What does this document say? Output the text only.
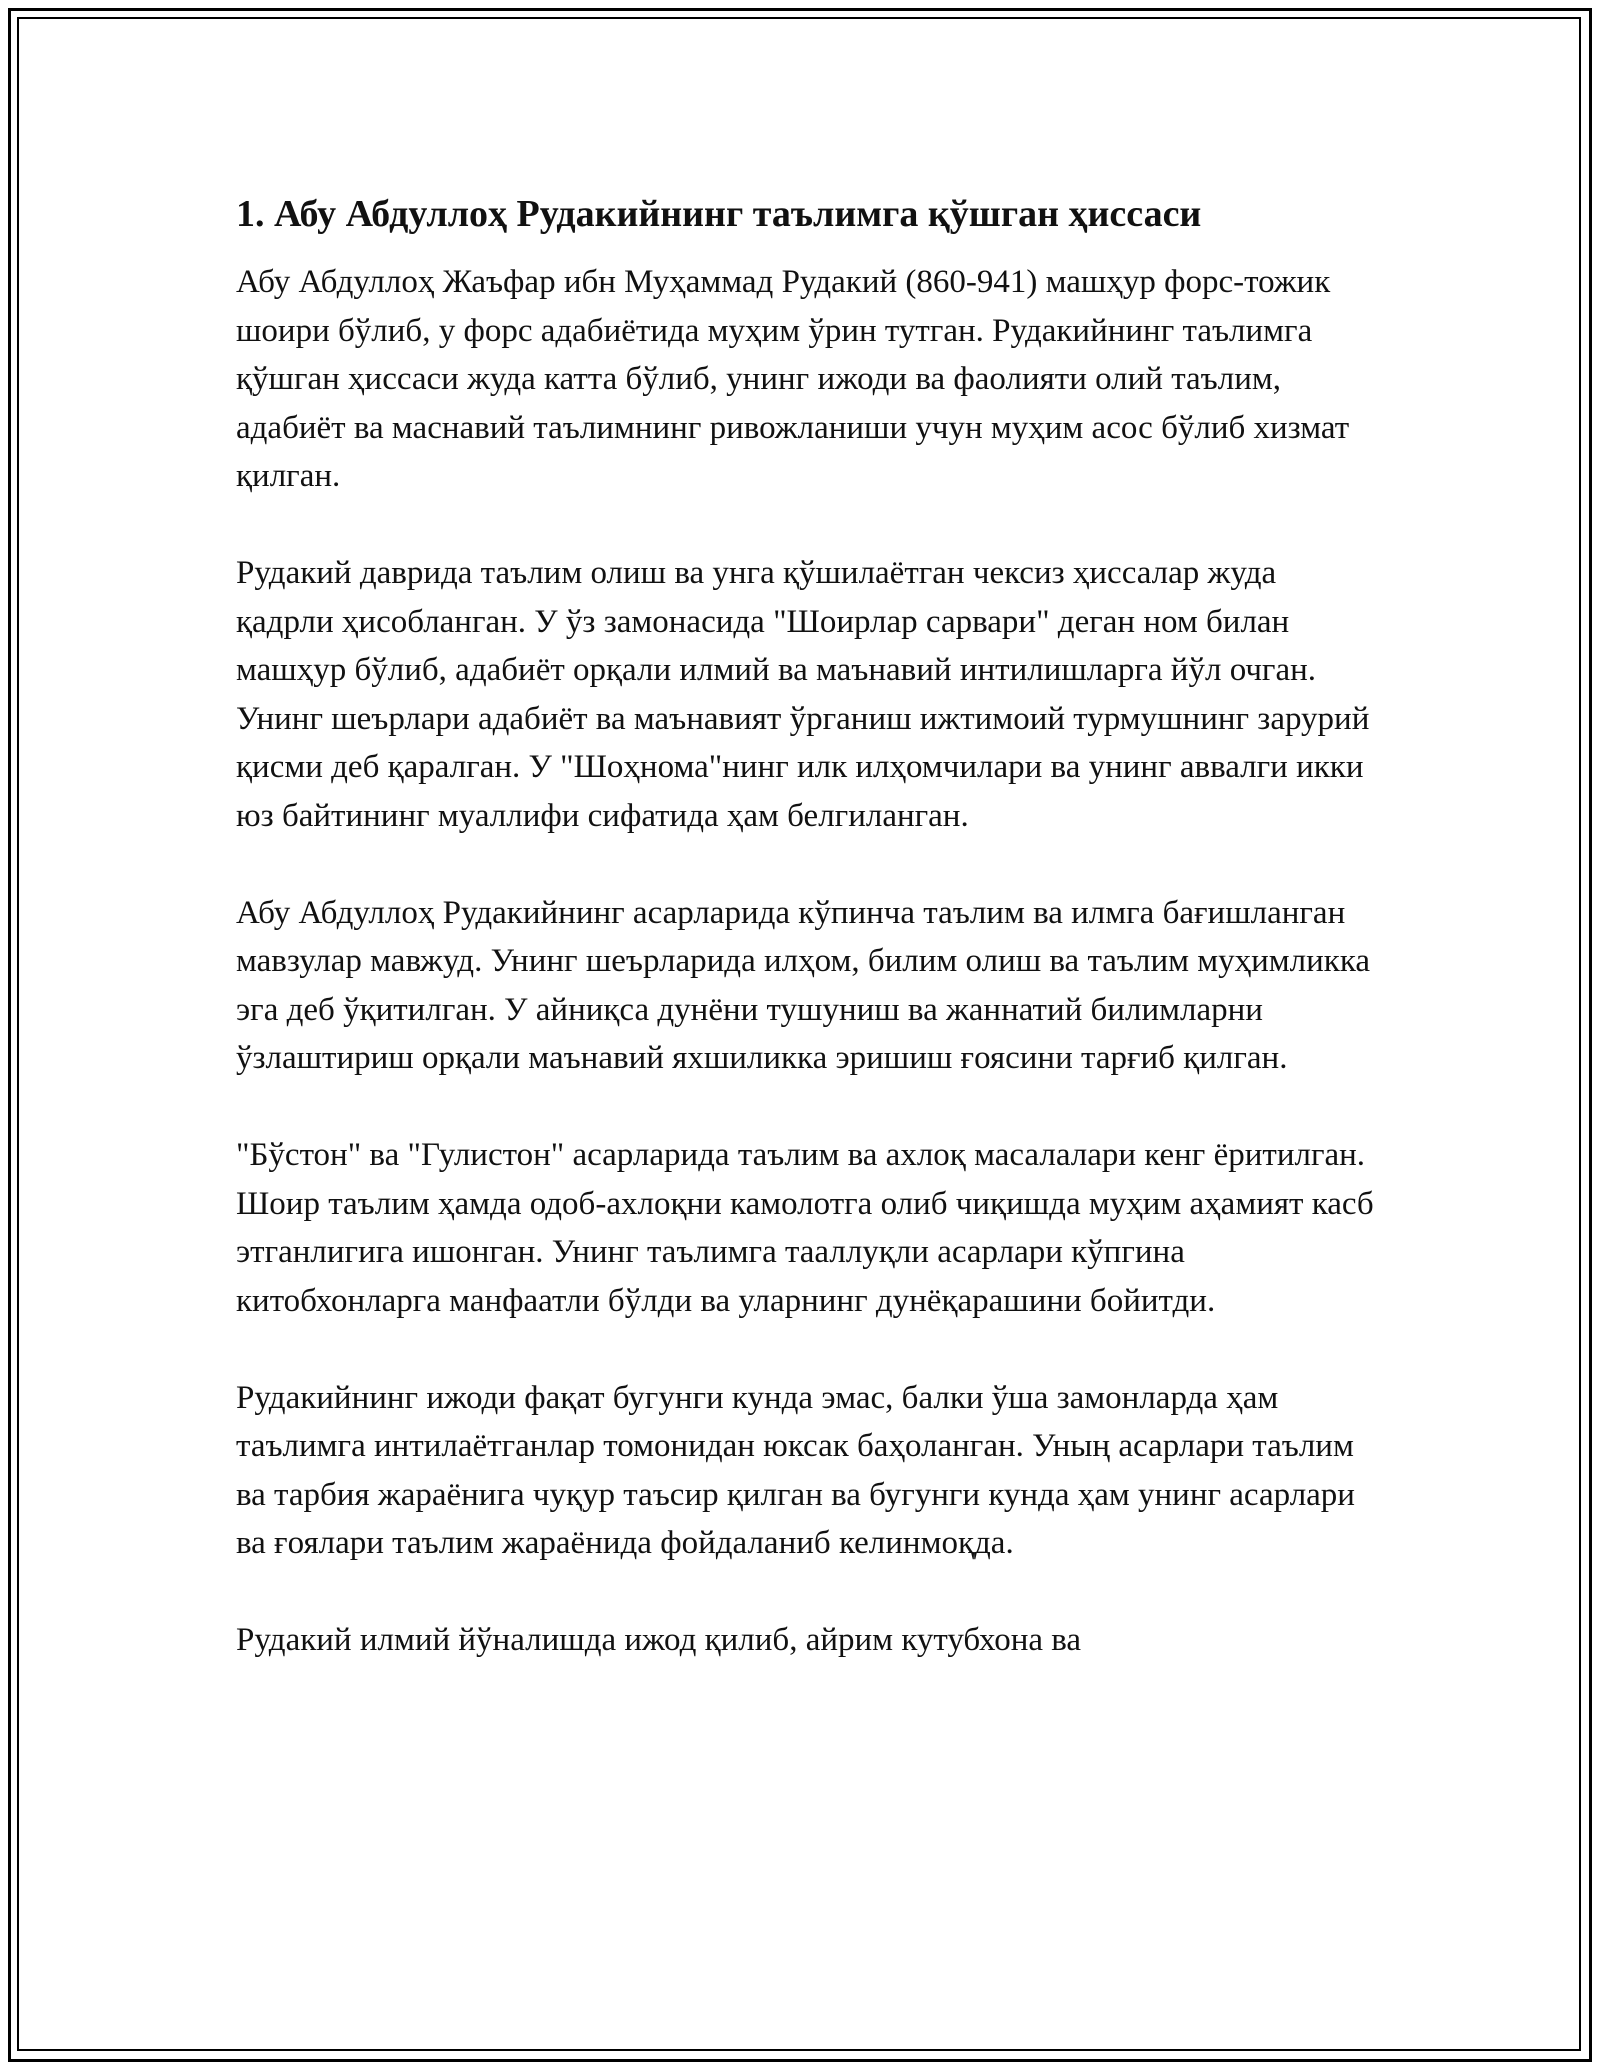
1. Абу Абдуллоҳ Рудакийнинг таълимга қўшган ҳиссаси

Абу Абдуллоҳ Жаъфар ибн Муҳаммад Рудакий (860-941) машҳур форс-тожик шоири бўлиб, у форс адабиётида муҳим ўрин тутган. Рудакийнинг таълимга қўшган ҳиссаси жуда катта бўлиб, унинг ижоди ва фаолияти олий таълим, адабиёт ва маснавий таълимнинг ривожланиши учун муҳим асос бўлиб хизмат қилган.

Рудакий даврида таълим олиш ва унга қўшилаётган чексиз ҳиссалар жуда қадрли ҳисобланган. У ўз замонасида "Шоирлар сарвари" деган ном билан машҳур бўлиб, адабиёт орқали илмий ва маънавий интилишларга йўл очган. Унинг шеърлари адабиёт ва маънавият ўрганиш ижтимоий турмушнинг зарурий қисми деб қаралган. У "Шоҳнома"нинг илк илҳомчилари ва унинг аввалги икки юз байтининг муаллифи сифатида ҳам белгиланган.

Абу Абдуллоҳ Рудакийнинг асарларида кўпинча таълим ва илмга бағишланган мавзулар мавжуд. Унинг шеърларида илҳом, билим олиш ва таълим муҳимликка эга деб ўқитилган. У айниқса дунёни тушуниш ва жаннатий билимларни ўзлаштириш орқали маънавий яхшиликка эришиш ғоясини тарғиб қилган.

"Бўстон" ва "Гулистон" асарларида таълим ва ахлоқ масалалари кенг ёритилган. Шоир таълим ҳамда одоб-ахлоқни камолотга олиб чиқишда муҳим аҳамият касб этганлигига ишонган. Унинг таълимга тааллуқли асарлари кўпгина китобхонларга манфаатли бўлди ва уларнинг дунёқарашини бойитди.

Рудакийнинг ижоди фақат бугунги кунда эмас, балки ўша замонларда ҳам таълимга интилаётганлар томонидан юксак баҳоланган. Уның асарлари таълим ва тарбия жараёнига чуқур таъсир қилган ва бугунги кунда ҳам унинг асарлари ва ғоялари таълим жараёнида фойдаланиб келинмоқда.

Рудакий илмий йўналишда ижод қилиб, айрим кутубхона ва
